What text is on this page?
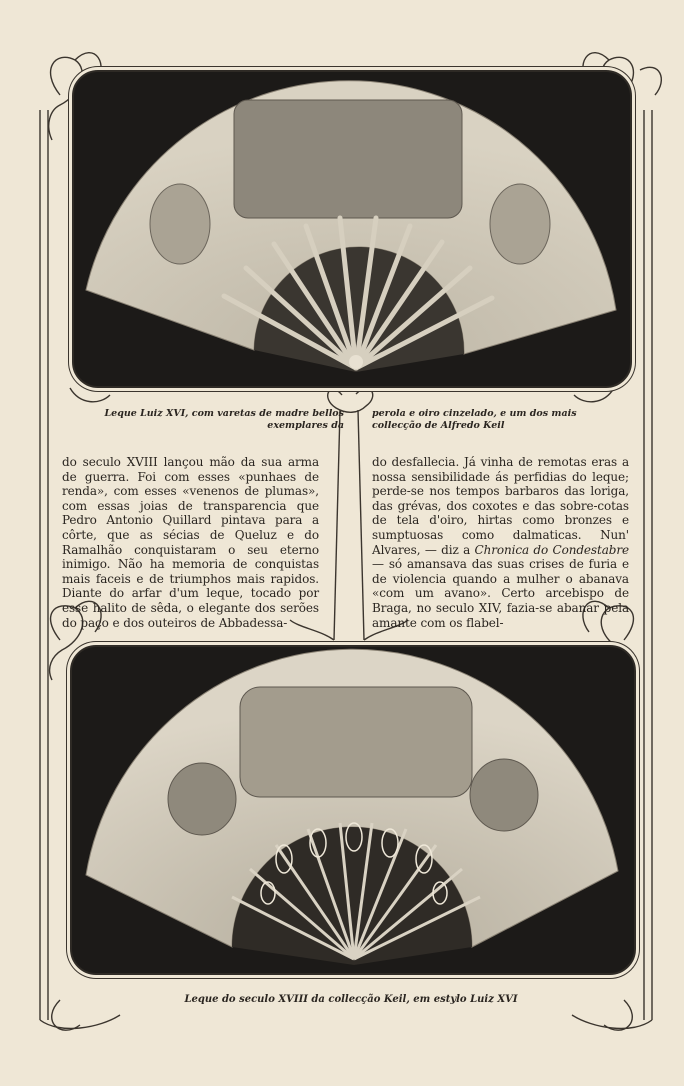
Leque Luiz XVI, com varetas de madre bellos exemplares da
perola e oiro cinzelado, e um dos mais collecção de Alfredo Keil

do seculo XVIII lançou mão da sua arma de guerra. Foi com esses «punhaes de renda», com esses «venenos de plumas», com essas joias de transparencia que Pedro Antonio Quillard pintava para a côrte, que as sécias de Queluz e do Ramalhão conquistaram o seu eterno inimigo. Não ha memoria de conquistas mais faceis e de triumphos mais rapidos. Diante do arfar d'um leque, tocado por esse halito de sêda, o elegante dos serões do paço e dos outeiros de Abbadessa-

do desfallecia. Já vinha de remotas eras a nossa sensibilidade ás perfidias do leque; perde-se nos tempos barbaros das loriga, das grévas, dos coxotes e das sobre-cotas de tela d'oiro, hirtas como bronzes e sumptuosas como dalmaticas. Nun' Alvares, — diz a Chronica do Condestabre — só amansava das suas crises de furia e de violencia quando a mulher o abanava «com um avano». Certo arcebispo de Braga, no seculo XIV, fazia-se abanar pela amante com os flabel-

Leque do seculo XVIII da collecção Keil, em estylo Luiz XVI
